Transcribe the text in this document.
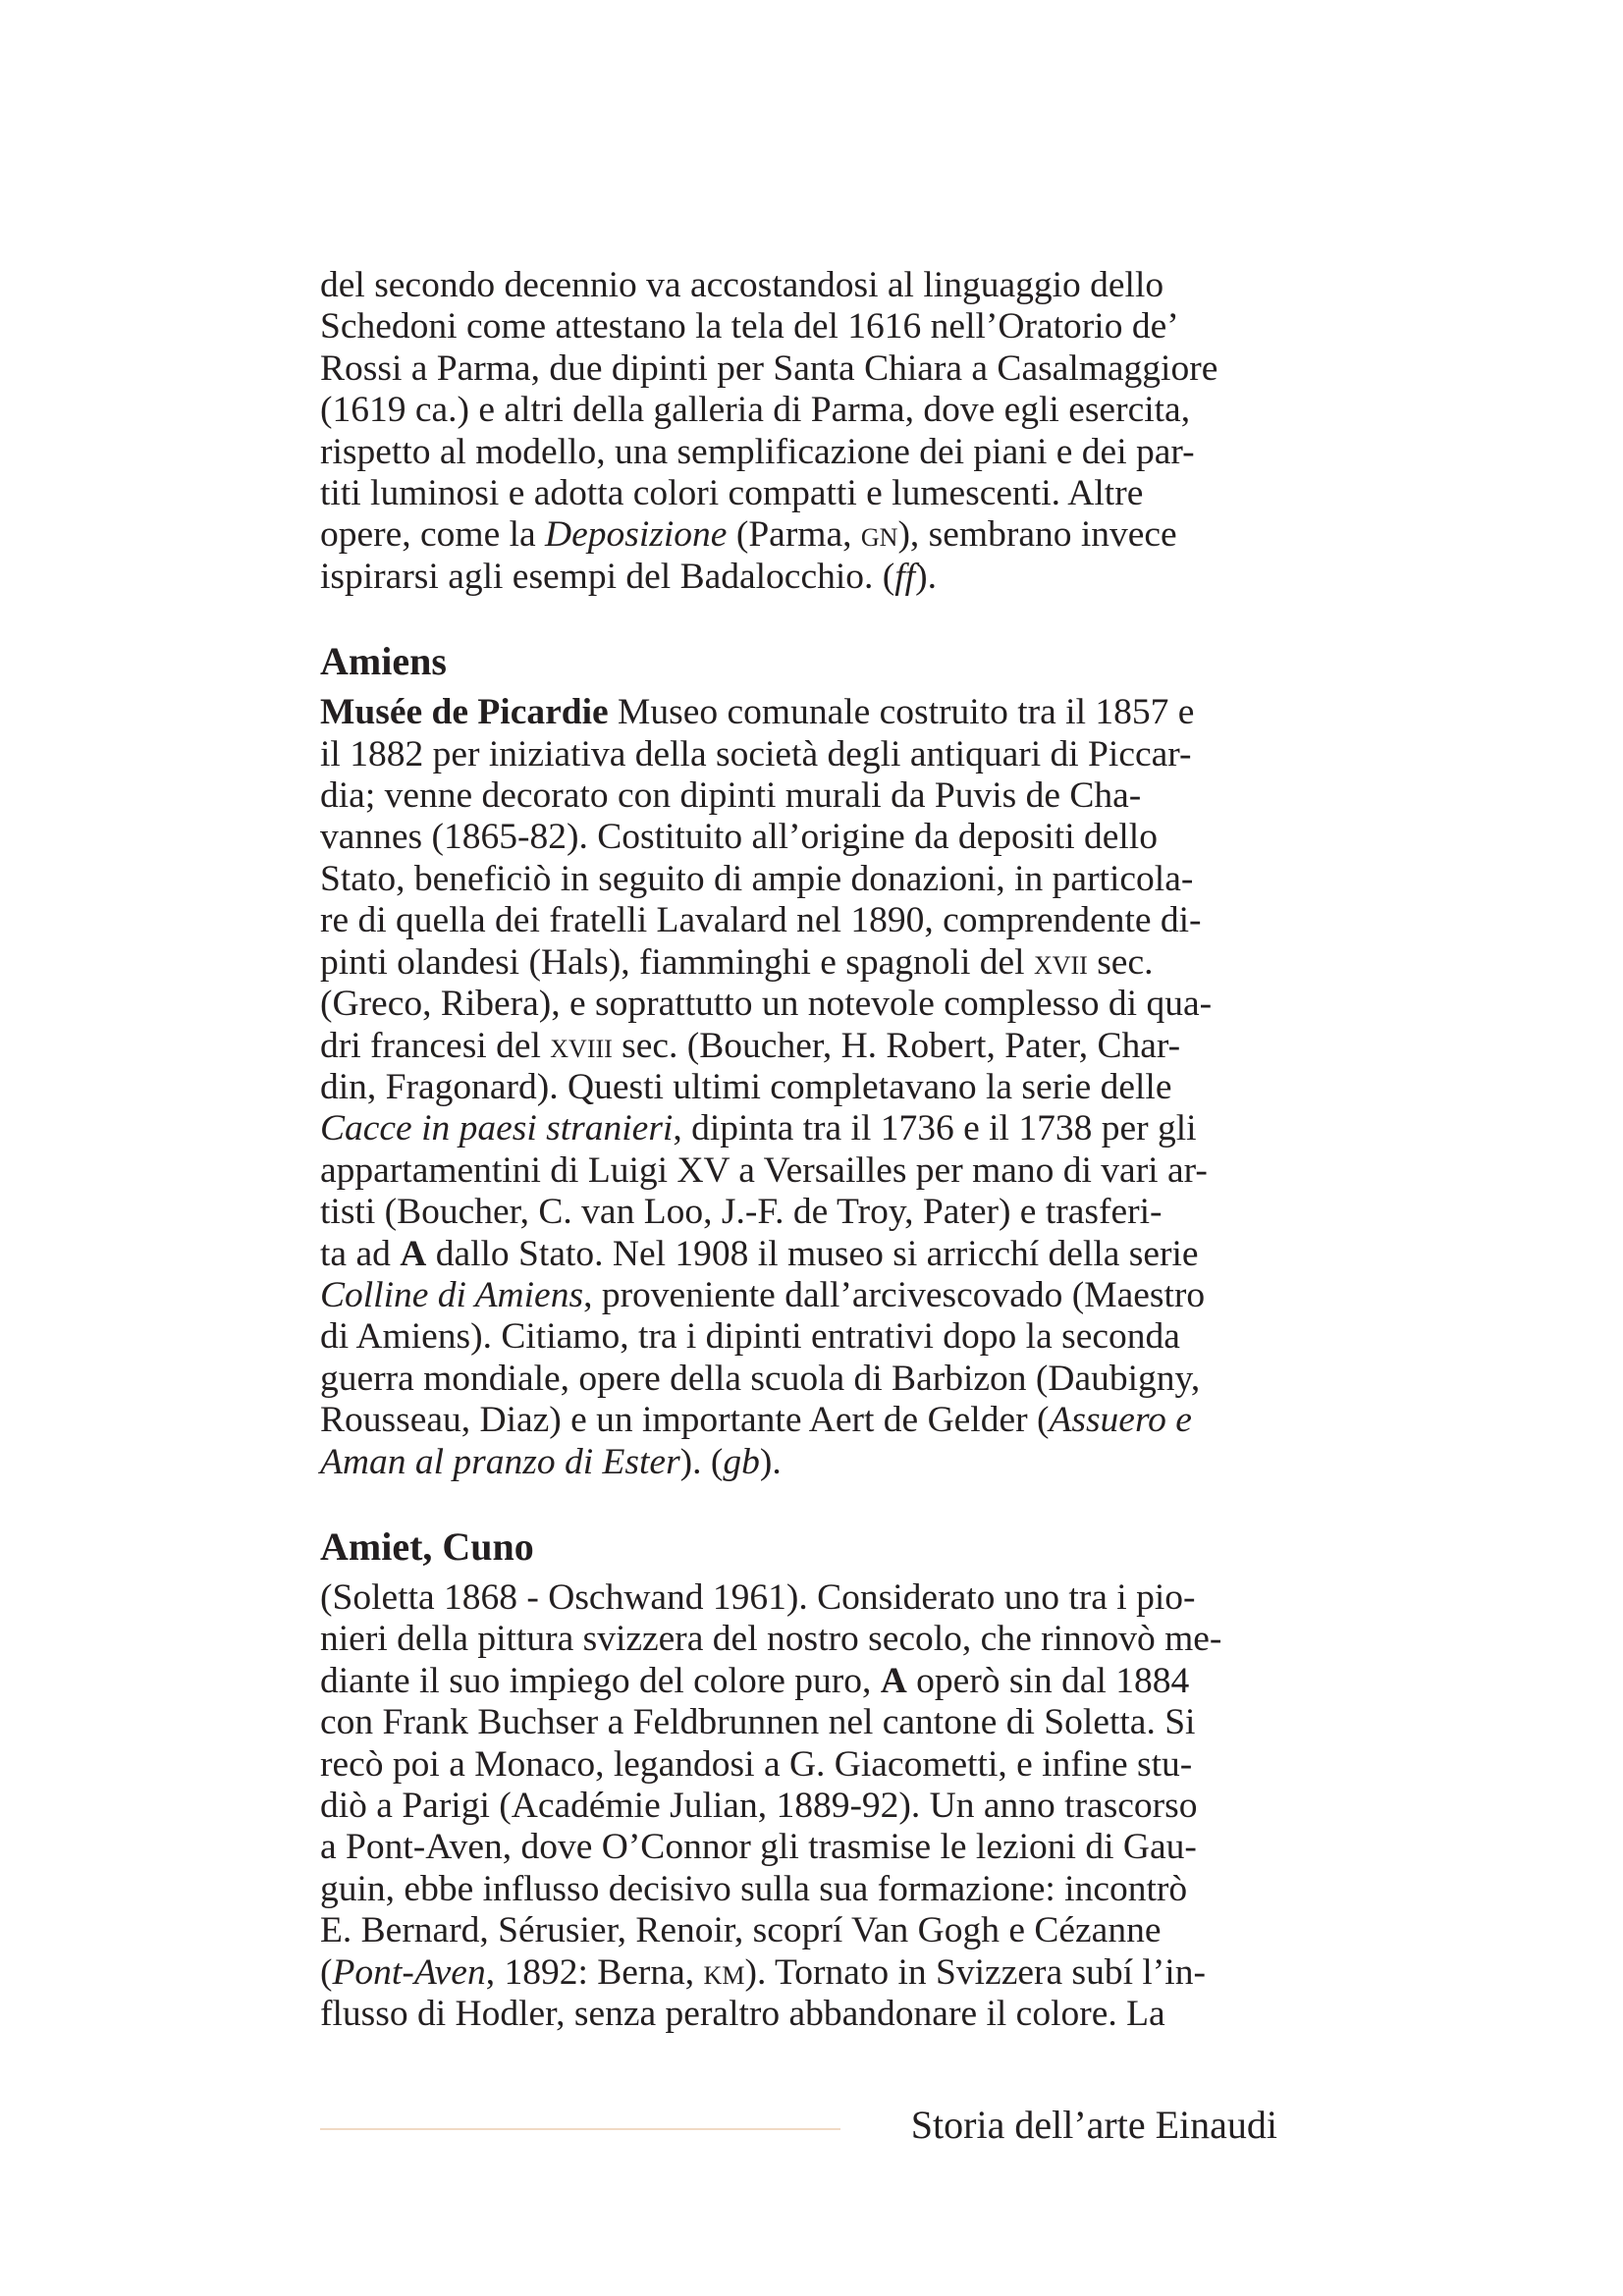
del secondo decennio va accostandosi al linguaggio dello
Schedoni come attestano la tela del 1616 nell’Oratorio de’
Rossi a Parma, due dipinti per Santa Chiara a Casalmaggiore
(1619 ca.) e altri della galleria di Parma, dove egli esercita,
rispetto al modello, una semplificazione dei piani e dei par-
titi luminosi e adotta colori compatti e lumescenti. Altre
opere, come la Deposizione (Parma, gn), sembrano invece
ispirarsi agli esempi del Badalocchio. (ff).

Amiens

Musée de Picardie Museo comunale costruito tra il 1857 e
il 1882 per iniziativa della società degli antiquari di Piccar-
dia; venne decorato con dipinti murali da Puvis de Cha-
vannes (1865-82). Costituito all’origine da depositi dello
Stato, beneficiò in seguito di ampie donazioni, in particola-
re di quella dei fratelli Lavalard nel 1890, comprendente di-
pinti olandesi (Hals), fiamminghi e spagnoli del xvii sec.
(Greco, Ribera), e soprattutto un notevole complesso di qua-
dri francesi del xviii sec. (Boucher, H. Robert, Pater, Char-
din, Fragonard). Questi ultimi completavano la serie delle
Cacce in paesi stranieri, dipinta tra il 1736 e il 1738 per gli
appartamentini di Luigi XV a Versailles per mano di vari ar-
tisti (Boucher, C. van Loo, J.-F. de Troy, Pater) e trasferi-
ta ad A dallo Stato. Nel 1908 il museo si arricchí della serie
Colline di Amiens, proveniente dall’arcivescovado (Maestro
di Amiens). Citiamo, tra i dipinti entrativi dopo la seconda
guerra mondiale, opere della scuola di Barbizon (Daubigny,
Rousseau, Diaz) e un importante Aert de Gelder (Assuero e
Aman al pranzo di Ester). (gb).

Amiet, Cuno

(Soletta 1868 - Oschwand 1961). Considerato uno tra i pio-
nieri della pittura svizzera del nostro secolo, che rinnovò me-
diante il suo impiego del colore puro, A operò sin dal 1884
con Frank Buchser a Feldbrunnen nel cantone di Soletta. Si
recò poi a Monaco, legandosi a G. Giacometti, e infine stu-
diò a Parigi (Académie Julian, 1889-92). Un anno trascorso
a Pont-Aven, dove O’Connor gli trasmise le lezioni di Gau-
guin, ebbe influsso decisivo sulla sua formazione: incontrò
E. Bernard, Sérusier, Renoir, scoprí Van Gogh e Cézanne
(Pont-Aven, 1892: Berna, km). Tornato in Svizzera subí l’in-
flusso di Hodler, senza peraltro abbandonare il colore. La

Storia dell’arte Einaudi
